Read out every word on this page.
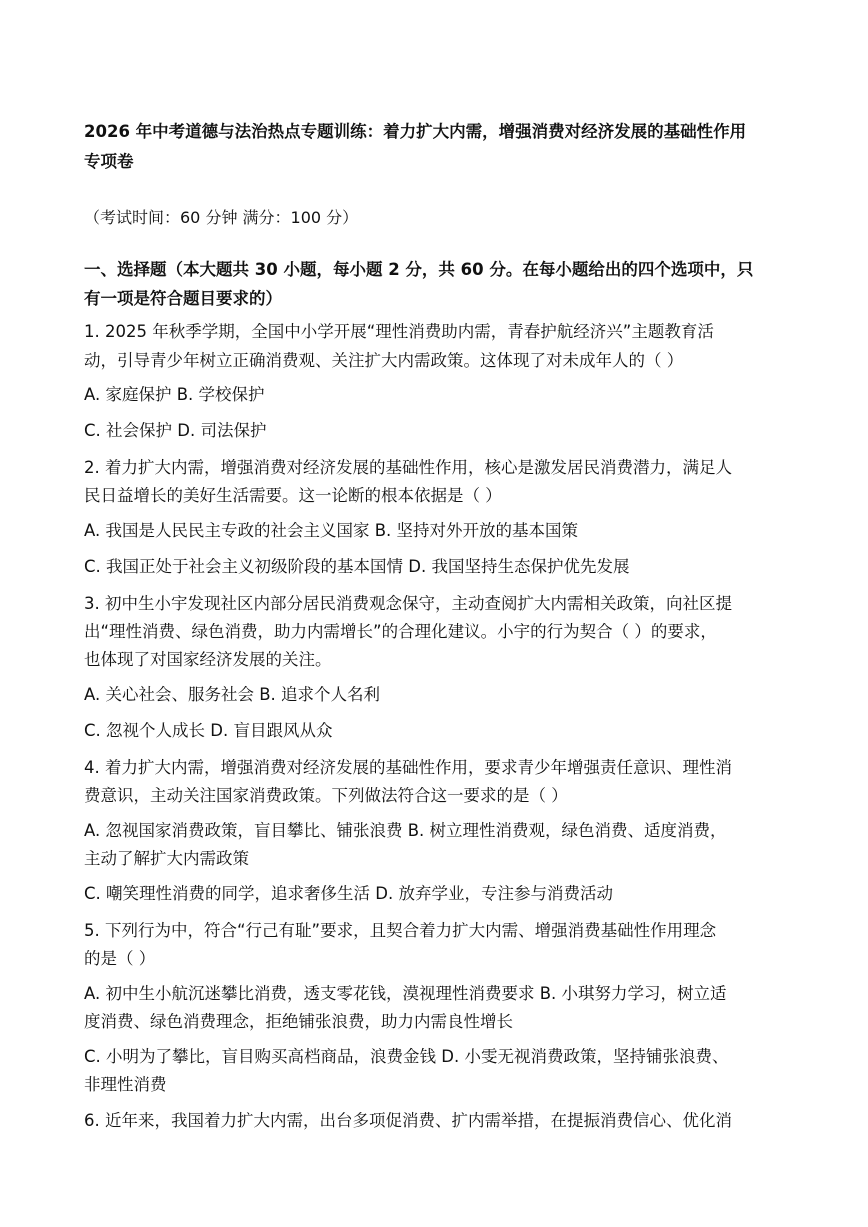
2026 年中考道德与法治热点专题训练：着力扩大内需，增强消费对经济发展的基础性作用
专项卷
（考试时间：60 分钟 满分：100 分）
一、选择题（本大题共 30 小题，每小题 2 分，共 60 分。在每小题给出的四个选项中，只
有一项是符合题目要求的）
1. 2025 年秋季学期，全国中小学开展“理性消费助内需，青春护航经济兴”主题教育活
动，引导青少年树立正确消费观、关注扩大内需政策。这体现了对未成年人的（ ）
A. 家庭保护 B. 学校保护
C. 社会保护 D. 司法保护
2. 着力扩大内需，增强消费对经济发展的基础性作用，核心是激发居民消费潜力，满足人
民日益增长的美好生活需要。这一论断的根本依据是（ ）
A. 我国是人民民主专政的社会主义国家 B. 坚持对外开放的基本国策
C. 我国正处于社会主义初级阶段的基本国情 D. 我国坚持生态保护优先发展
3. 初中生小宇发现社区内部分居民消费观念保守，主动查阅扩大内需相关政策，向社区提
出“理性消费、绿色消费，助力内需增长”的合理化建议。小宇的行为契合（ ）的要求，
也体现了对国家经济发展的关注。
A. 关心社会、服务社会 B. 追求个人名利
C. 忽视个人成长 D. 盲目跟风从众
4. 着力扩大内需，增强消费对经济发展的基础性作用，要求青少年增强责任意识、理性消
费意识，主动关注国家消费政策。下列做法符合这一要求的是（ ）
A. 忽视国家消费政策，盲目攀比、铺张浪费 B. 树立理性消费观，绿色消费、适度消费，
主动了解扩大内需政策
C. 嘲笑理性消费的同学，追求奢侈生活 D. 放弃学业，专注参与消费活动
5. 下列行为中，符合“行己有耻”要求，且契合着力扩大内需、增强消费基础性作用理念
的是（ ）
A. 初中生小航沉迷攀比消费，透支零花钱，漠视理性消费要求 B. 小琪努力学习，树立适
度消费、绿色消费理念，拒绝铺张浪费，助力内需良性增长
C. 小明为了攀比，盲目购买高档商品，浪费金钱 D. 小雯无视消费政策，坚持铺张浪费、
非理性消费
6. 近年来，我国着力扩大内需，出台多项促消费、扩内需举措，在提振消费信心、优化消
